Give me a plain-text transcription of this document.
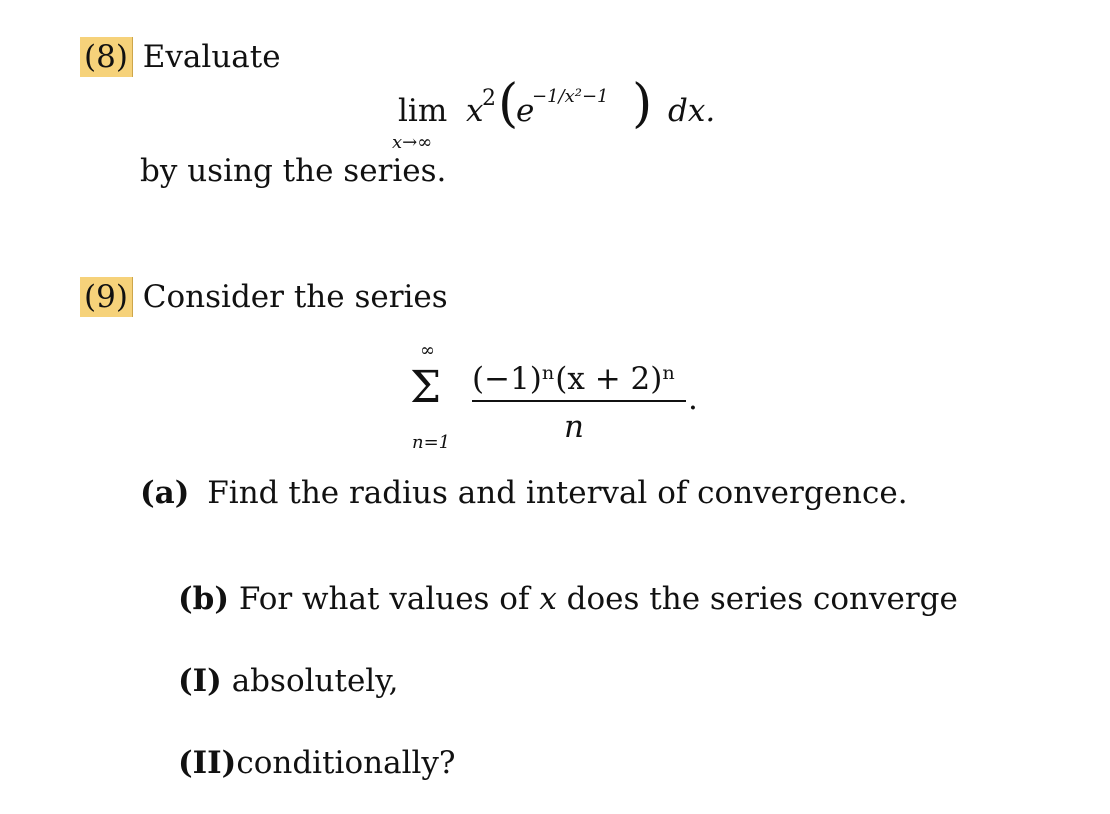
(8) Evaluate
lim
x→∞
x
2 (
e
−1/x²−1 ) dx.
by using the series.
(9) Consider the series
∞
Σ
n=1
(−1)ⁿ(x + 2)ⁿ
n
.
(a) Find the radius and interval of convergence.
(b) For what values of x does the series converge
(I) absolutely,
(II)conditionally?
